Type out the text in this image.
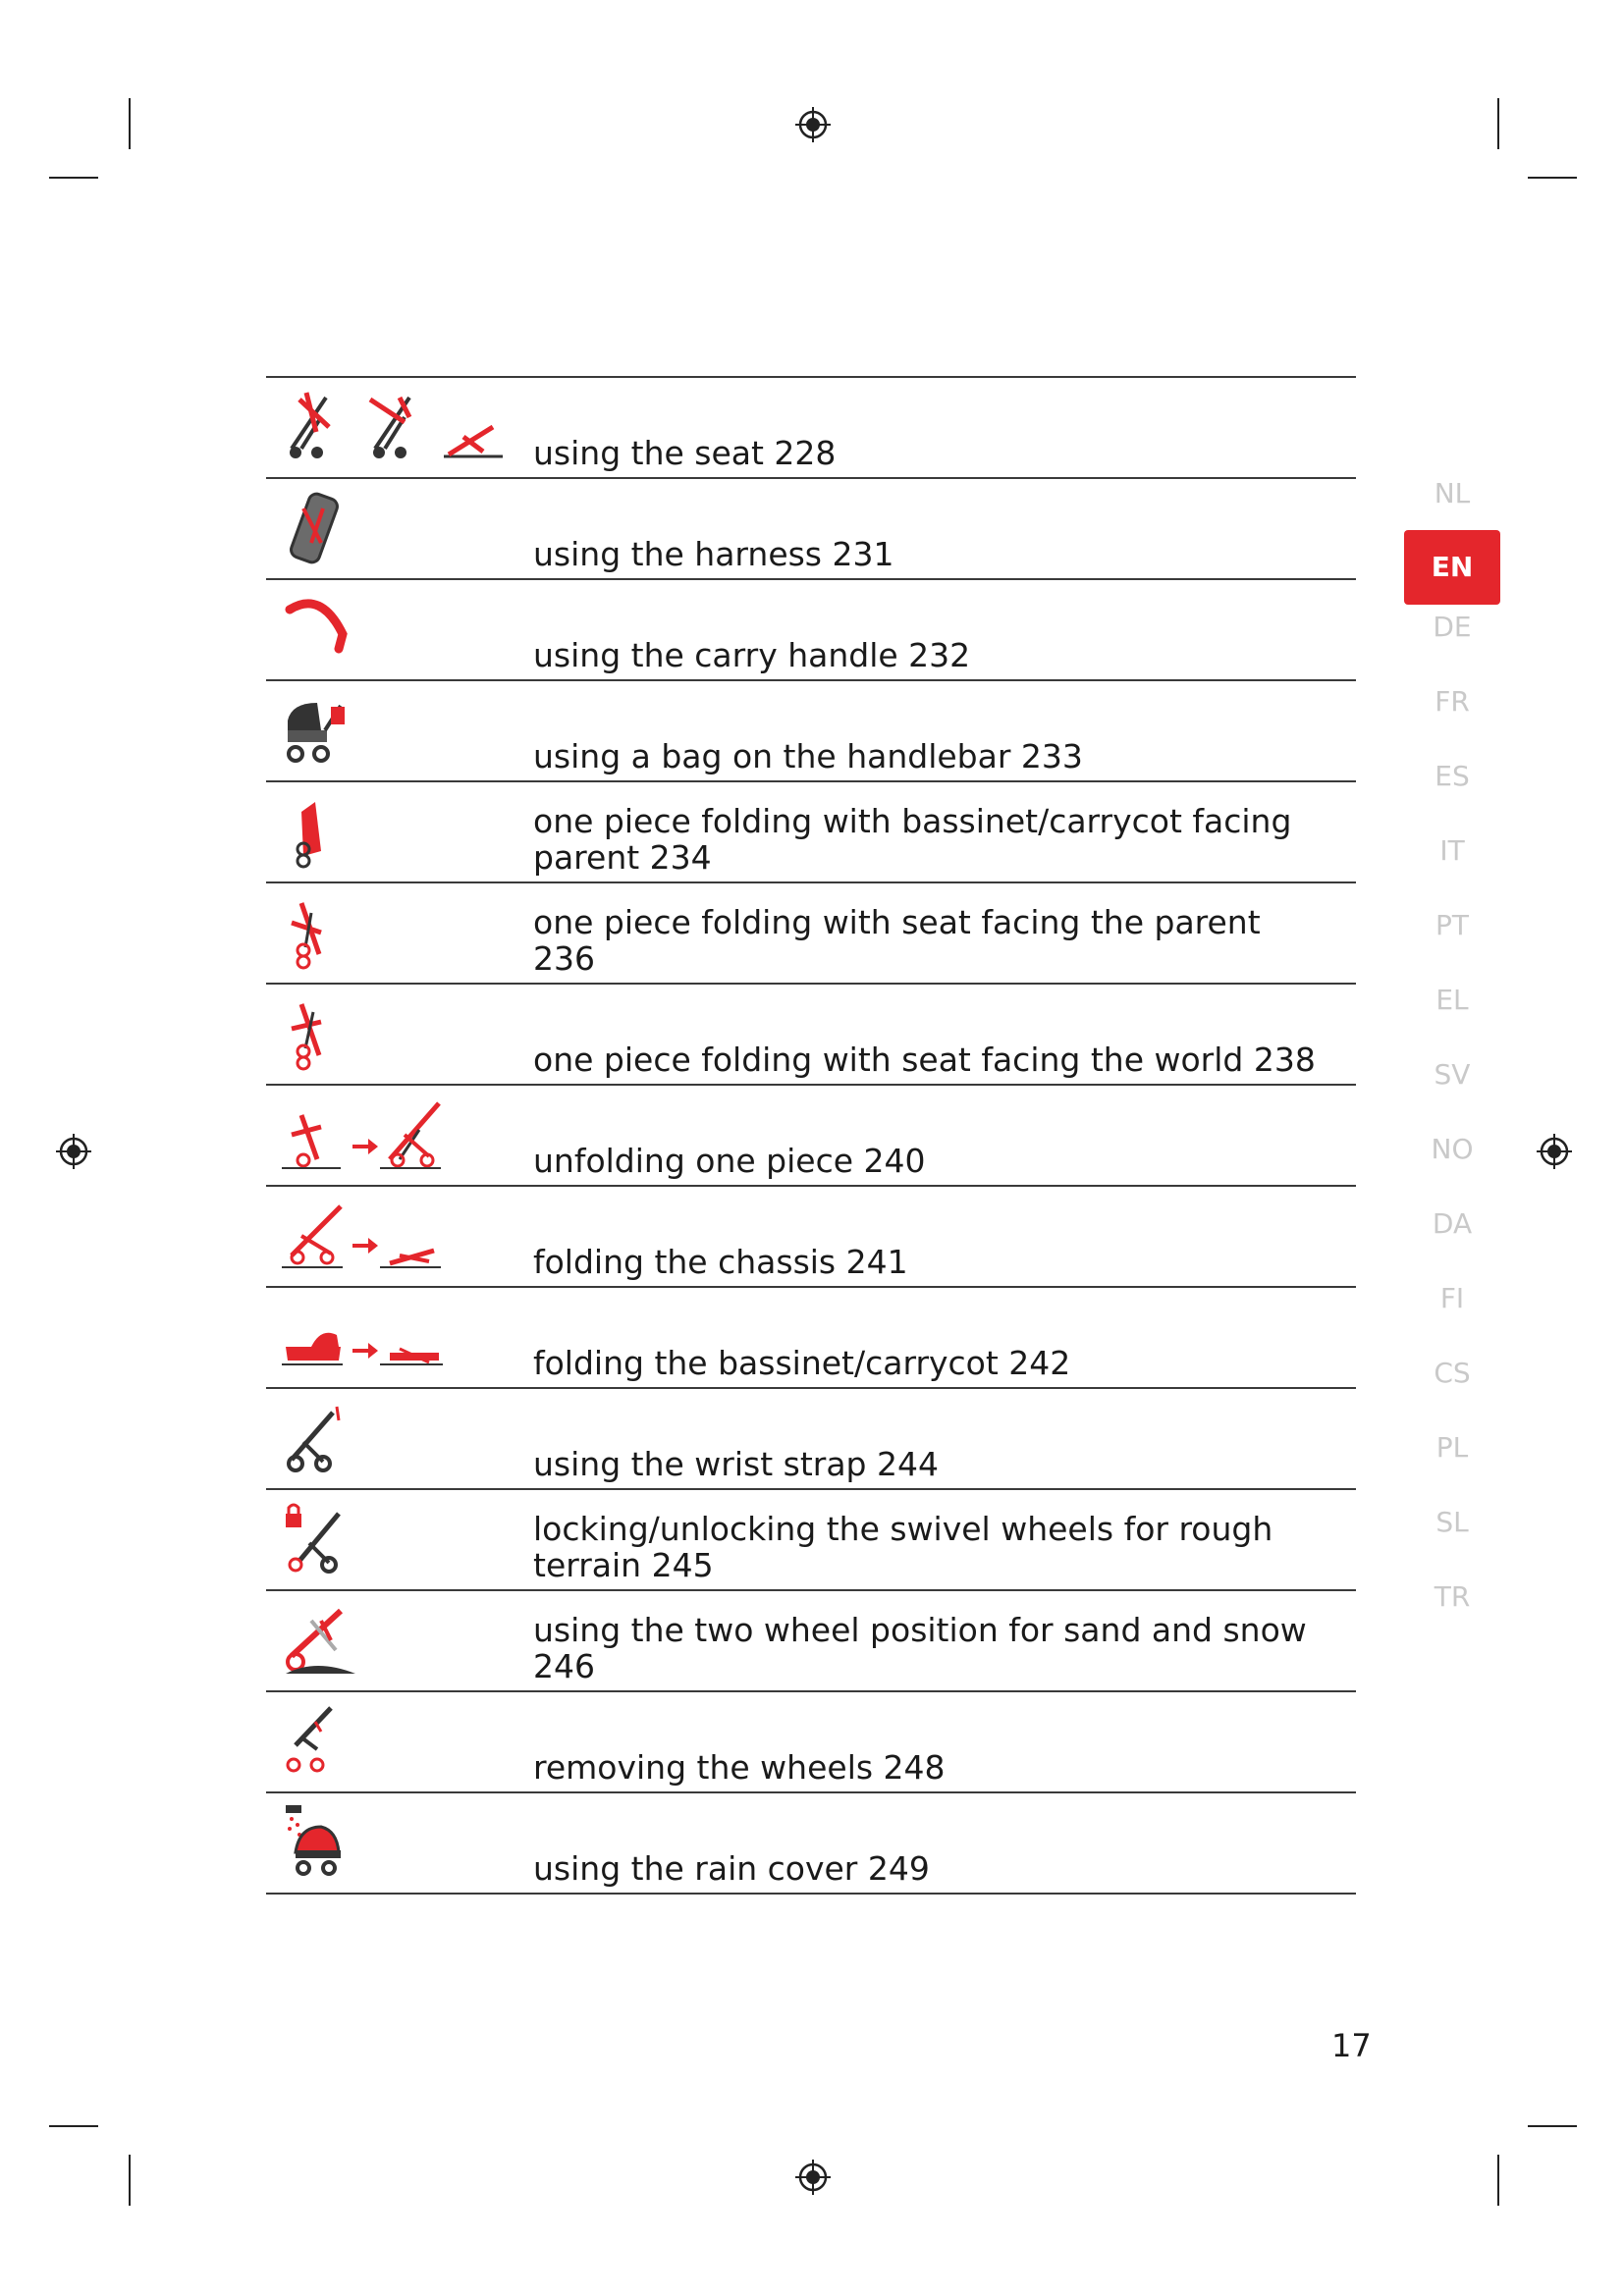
using the seat 228
using the harness 231
using the carry handle 232
using a bag on the handlebar 233
one piece folding with bassinet/carrycot facing parent 234
one piece folding with seat facing the parent 236
one piece folding with seat facing the world 238
unfolding one piece 240
folding the chassis 241
folding the bassinet/carrycot 242
using the wrist strap 244
locking/unlocking the swivel wheels for rough terrain 245
using the two wheel position for sand and snow 246
removing the wheels 248
using the rain cover 249
NL
EN
DE
FR
ES
IT
PT
EL
SV
NO
DA
FI
CS
PL
SL
TR
17
